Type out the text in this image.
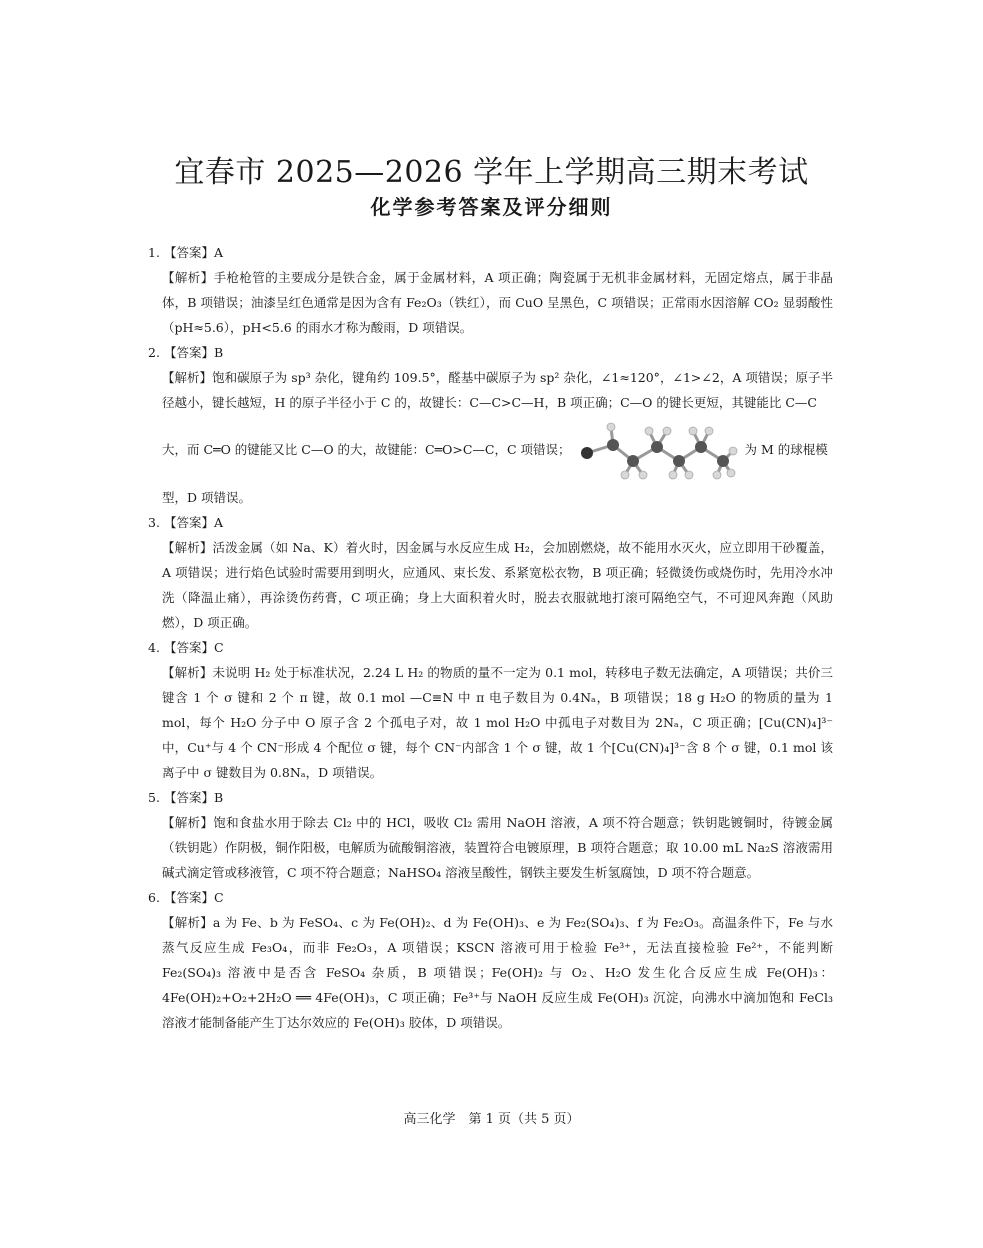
宜春市 2025—2026 学年上学期高三期末考试
化学参考答案及评分细则

1. 【答案】A

【解析】手枪枪管的主要成分是铁合金，属于金属材料，A 项正确；陶瓷属于无机非金属材料，无固定熔点，属于非晶体，B 项错误；油漆呈红色通常是因为含有 Fe₂O₃（铁红），而 CuO 呈黑色，C 项错误；正常雨水因溶解 CO₂ 显弱酸性（pH≈5.6），pH<5.6 的雨水才称为酸雨，D 项错误。

2. 【答案】B

【解析】饱和碳原子为 sp³ 杂化，键角约 109.5°，醛基中碳原子为 sp² 杂化，∠1≈120°，∠1>∠2，A 项错误；原子半径越小，键长越短，H 的原子半径小于 C 的，故键长：C—C>C—H，B 项正确；C—O 的键长更短，其键能比 C—C

大，而 C═O 的键能又比 C—O 的大，故键能：C═O>C—C，C 项错误；	为 M 的球棍模

型，D 项错误。

3. 【答案】A

【解析】活泼金属（如 Na、K）着火时，因金属与水反应生成 H₂，会加剧燃烧，故不能用水灭火，应立即用干砂覆盖，A 项错误；进行焰色试验时需要用到明火，应通风、束长发、系紧宽松衣物，B 项正确；轻微烫伤或烧伤时，先用冷水冲洗（降温止痛），再涂烫伤药膏，C 项正确；身上大面积着火时，脱去衣服就地打滚可隔绝空气，不可迎风奔跑（风助燃），D 项正确。

4. 【答案】C

【解析】未说明 H₂ 处于标准状况，2.24 L H₂ 的物质的量不一定为 0.1 mol，转移电子数无法确定，A 项错误；共价三键含 1 个 σ 键和 2 个 π 键，故 0.1 mol —C≡N 中 π 电子数目为 0.4Nₐ，B 项错误；18 g H₂O 的物质的量为 1 mol，每个 H₂O 分子中 O 原子含 2 个孤电子对，故 1 mol H₂O 中孤电子对数目为 2Nₐ，C 项正确；[Cu(CN)₄]³⁻ 中，Cu⁺与 4 个 CN⁻形成 4 个配位 σ 键，每个 CN⁻内部含 1 个 σ 键，故 1 个[Cu(CN)₄]³⁻含 8 个 σ 键，0.1 mol 该离子中 σ 键数目为 0.8Nₐ，D 项错误。

5. 【答案】B

【解析】饱和食盐水用于除去 Cl₂ 中的 HCl，吸收 Cl₂ 需用 NaOH 溶液，A 项不符合题意；铁钥匙镀铜时，待镀金属（铁钥匙）作阴极，铜作阳极，电解质为硫酸铜溶液，装置符合电镀原理，B 项符合题意；取 10.00 mL Na₂S 溶液需用碱式滴定管或移液管，C 项不符合题意；NaHSO₄ 溶液呈酸性，钢铁主要发生析氢腐蚀，D 项不符合题意。

6. 【答案】C

【解析】a 为 Fe、b 为 FeSO₄、c 为 Fe(OH)₂、d 为 Fe(OH)₃、e 为 Fe₂(SO₄)₃、f 为 Fe₂O₃。高温条件下，Fe 与水蒸气反应生成 Fe₃O₄，而非 Fe₂O₃，A 项错误；KSCN 溶液可用于检验 Fe³⁺，无法直接检验 Fe²⁺，不能判断 Fe₂(SO₄)₃ 溶液中是否含 FeSO₄ 杂质，B 项错误；Fe(OH)₂ 与 O₂、H₂O 发生化合反应生成 Fe(OH)₃：4Fe(OH)₂+O₂+2H₂O ══ 4Fe(OH)₃，C 项正确；Fe³⁺与 NaOH 反应生成 Fe(OH)₃ 沉淀，向沸水中滴加饱和 FeCl₃ 溶液才能制备能产生丁达尔效应的 Fe(OH)₃ 胶体，D 项错误。

高三化学　第 1 页（共 5 页）
